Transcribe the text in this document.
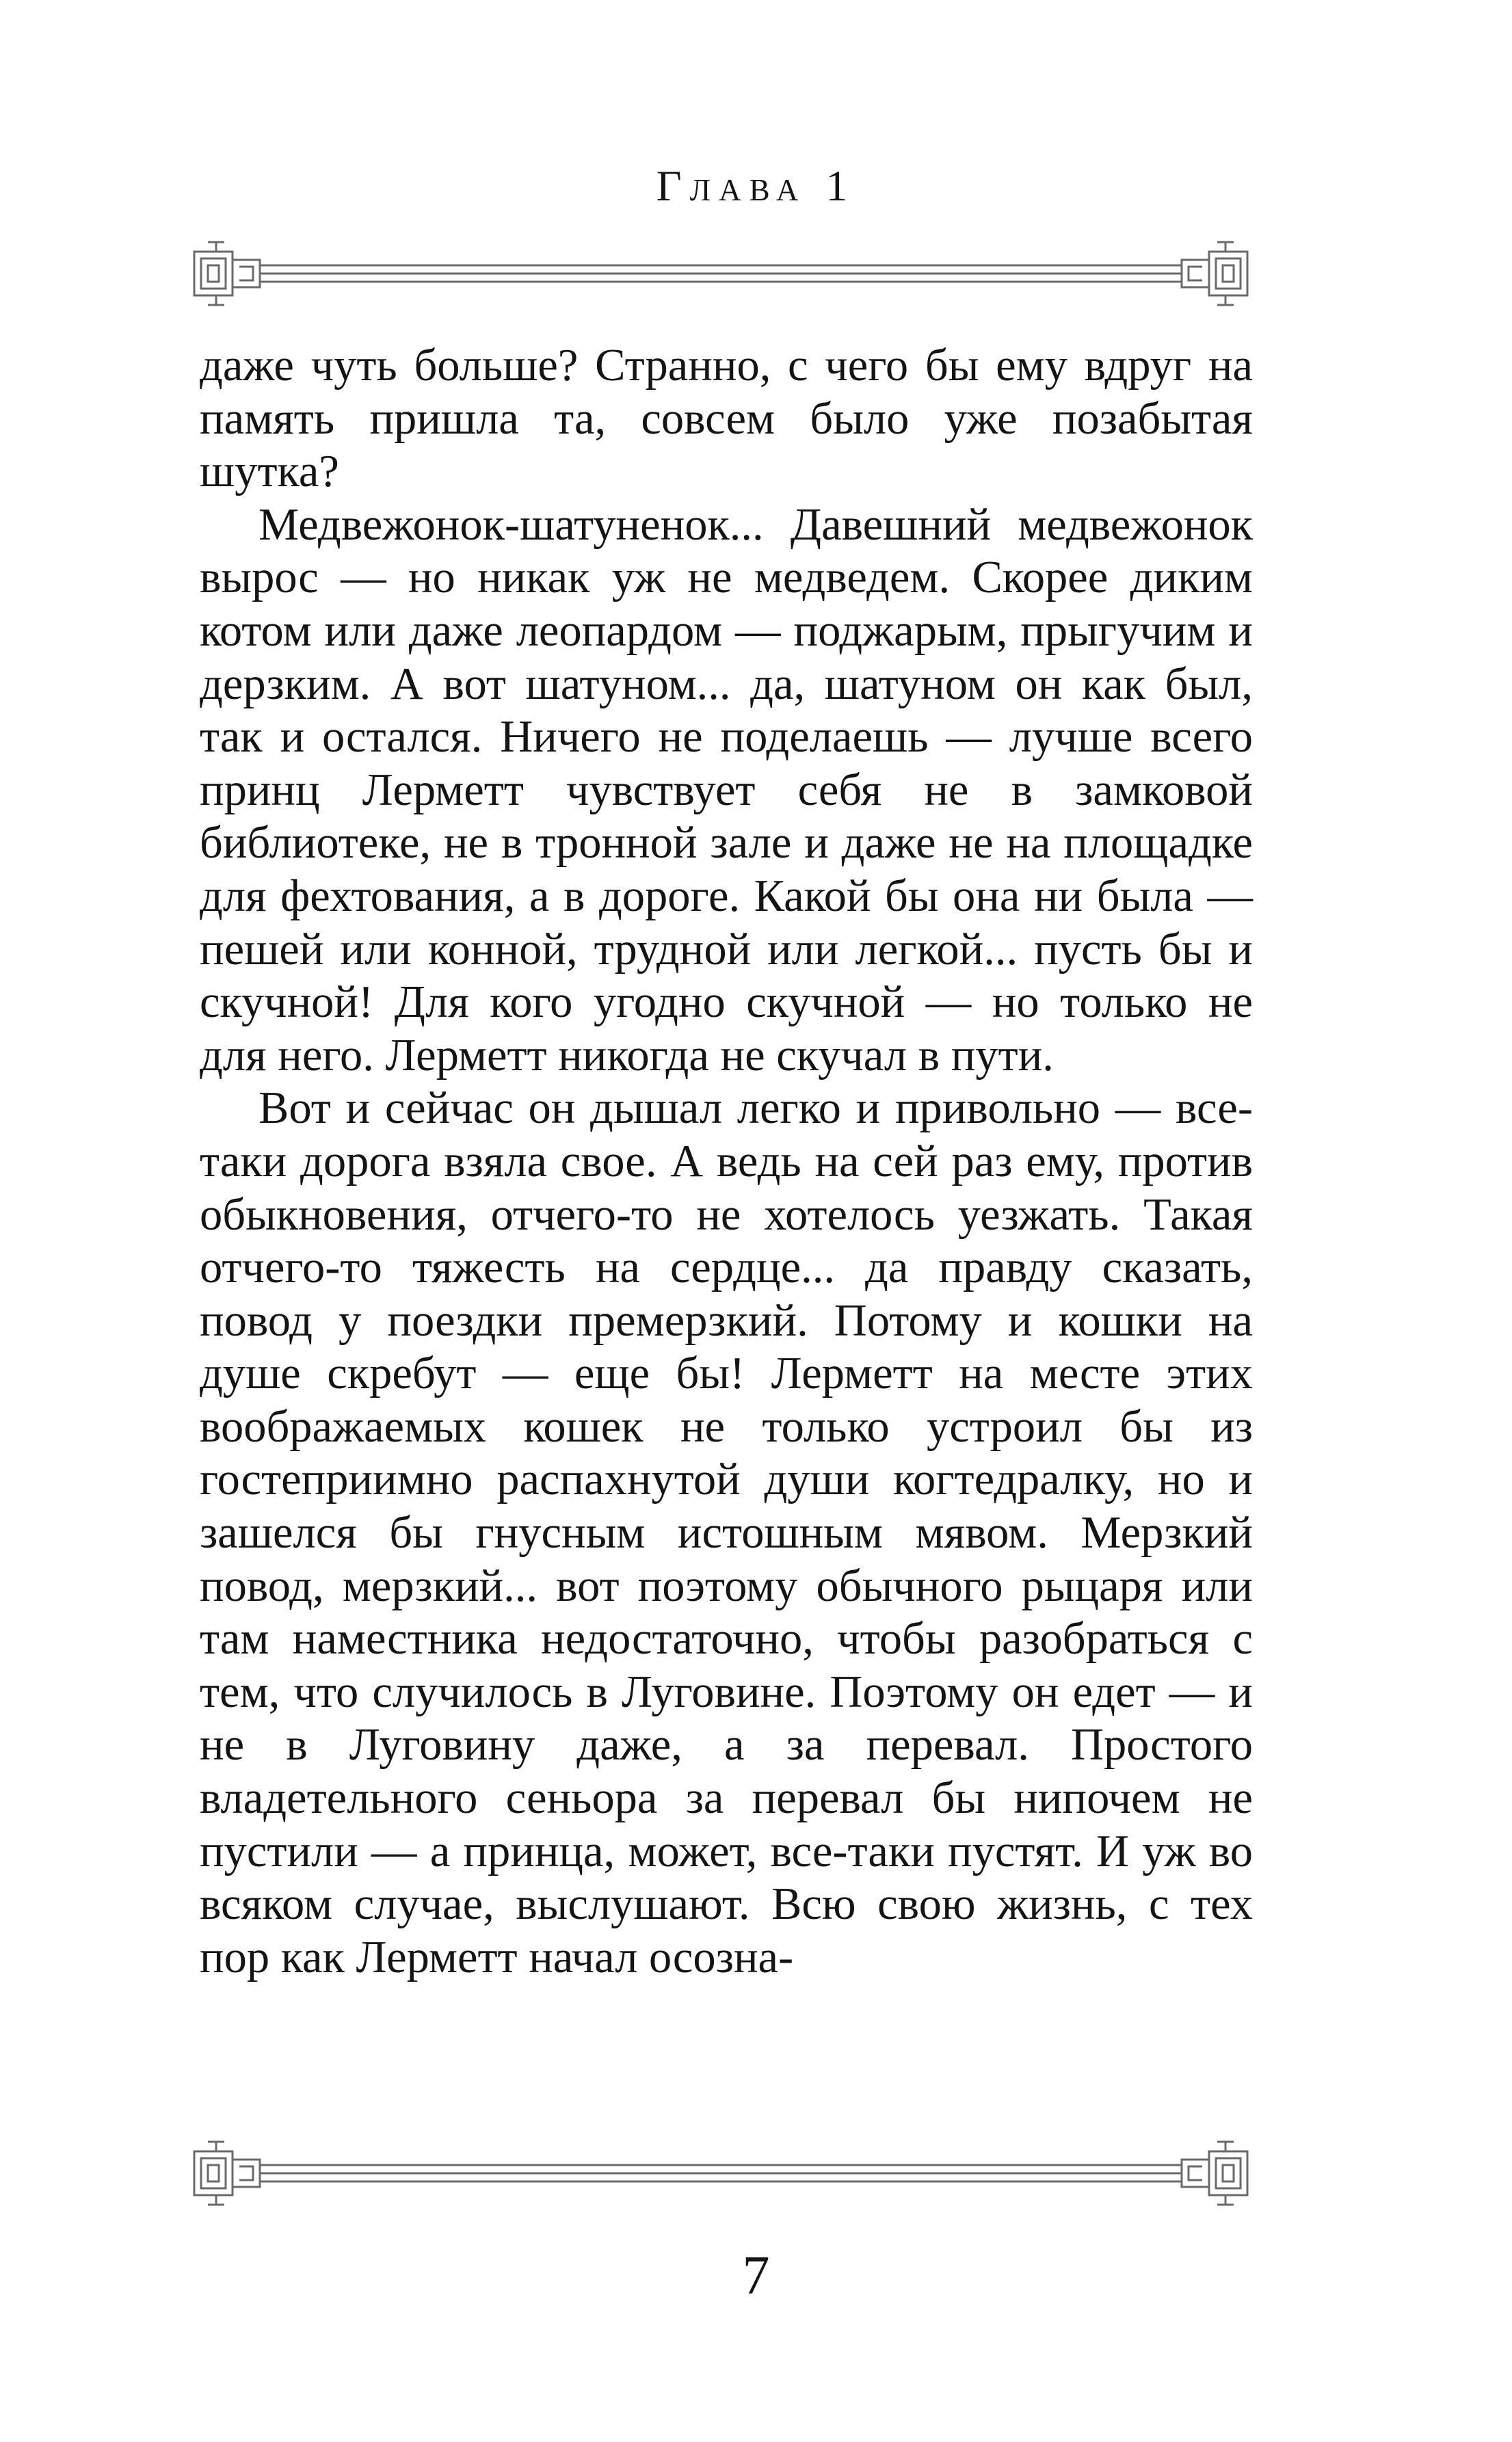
Глава 1

даже чуть больше? Странно, с чего бы ему вдруг на память пришла та, совсем было уже позабытая шутка?

Медвежонок-шатуненок... Давешний медвежонок вырос — но никак уж не медведем. Скорее диким котом или даже леопардом — поджарым, прыгучим и дерзким. А вот шатуном... да, шатуном он как был, так и остался. Ничего не поделаешь — лучше всего принц Лерметт чувствует себя не в замковой библиотеке, не в тронной зале и даже не на площадке для фехтования, а в дороге. Какой бы она ни была — пешей или конной, трудной или легкой... пусть бы и скучной! Для кого угодно скучной — но только не для него. Лерметт никогда не скучал в пути.

Вот и сейчас он дышал легко и привольно — все-таки дорога взяла свое. А ведь на сей раз ему, против обыкновения, отчего-то не хотелось уезжать. Такая отчего-то тяжесть на сердце... да правду сказать, повод у поездки премерзкий. Потому и кошки на душе скребут — еще бы! Лерметт на месте этих воображаемых кошек не только устроил бы из гостеприимно распахнутой души когтедралку, но и зашелся бы гнусным истошным мявом. Мерзкий повод, мерзкий... вот поэтому обычного рыцаря или там наместника недостаточно, чтобы разобраться с тем, что случилось в Луговине. Поэтому он едет — и не в Луговину даже, а за перевал. Простого владетельного сеньора за перевал бы нипочем не пустили — а принца, может, все-таки пустят. И уж во всяком случае, выслушают. Всю свою жизнь, с тех пор как Лерметт начал осозна-

7
